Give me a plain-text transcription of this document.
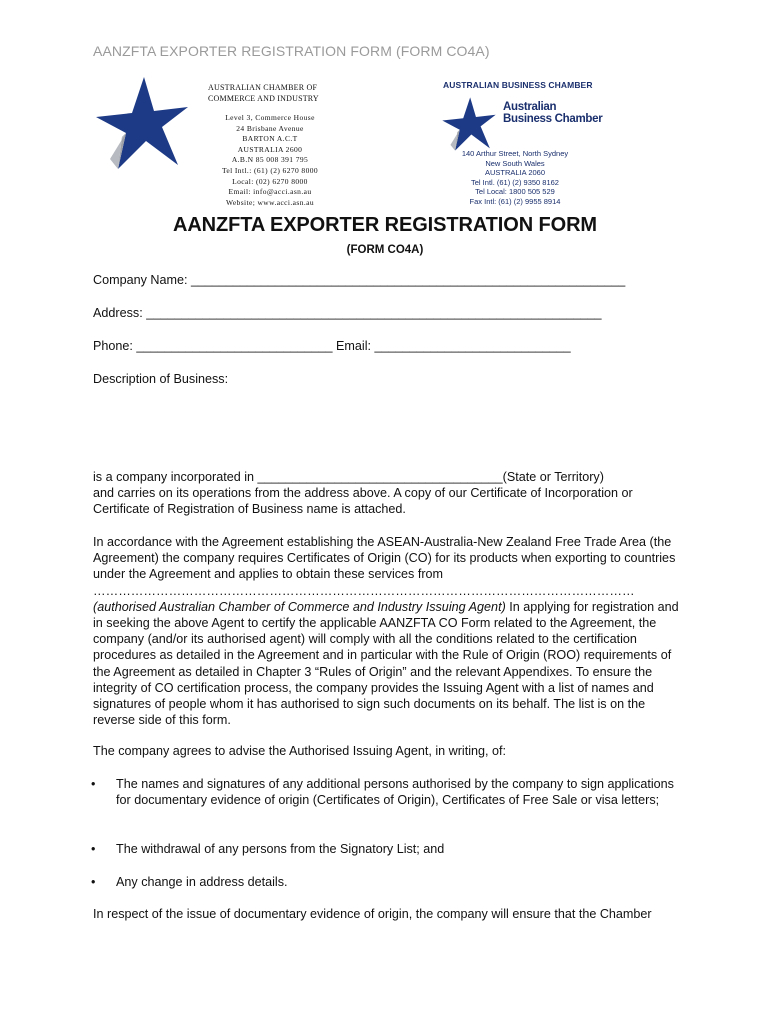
AANZFTA EXPORTER REGISTRATION FORM (FORM CO4A)
AUSTRALIAN CHAMBER OF
COMMERCE AND INDUSTRY
Level 3, Commerce House
24 Brisbane Avenue
BARTON A.C.T
AUSTRALIA 2600
A.B.N 85 008 391 795
Tel Intl.: (61) (2) 6270 8000
Local: (02) 6270 8000
Email: info@acci.asn.au
Website; www.acci.asn.au
AUSTRALIAN BUSINESS CHAMBER
Australian
Business Chamber
140 Arthur Street, North Sydney
New South Wales
AUSTRALIA 2060
Tel Intl. (61) (2) 9350 8162
Tel Local: 1800 505 529
Fax Intl: (61) (2) 9955 8914
AANZFTA EXPORTER REGISTRATION FORM
(FORM CO4A)
Company Name: ______________________________________________________________
Address: _________________________________________________________________
Phone: ____________________________ Email: ____________________________
Description of Business:
is a company incorporated in ___________________________________(State or Territory)
and carries on its operations from the address above. A copy of our Certificate of Incorporation or Certificate of Registration of Business name is attached.
In accordance with the Agreement establishing the ASEAN-Australia-New Zealand Free Trade Area (the Agreement) the company requires Certificates of Origin (CO) for its products when exporting to countries under the Agreement and applies to obtain these services from
…………………………………………………………………………………………………………………
(authorised Australian Chamber of Commerce and Industry Issuing Agent) In applying for registration and in seeking the above Agent to certify the applicable AANZFTA CO Form related to the Agreement, the company (and/or its authorised agent) will comply with all the conditions related to the certification procedures as detailed in the Agreement and in particular with the Rule of Origin (ROO) requirements of the Agreement as detailed in Chapter 3 “Rules of Origin” and the relevant Appendixes. To ensure the integrity of CO certification process, the company provides the Issuing Agent with a list of names and signatures of people whom it has authorised to sign such documents on its behalf. The list is on the reverse side of this form.
The company agrees to advise the Authorised Issuing Agent, in writing, of:
• The names and signatures of any additional persons authorised by the company to sign applications for documentary evidence of origin (Certificates of Origin), Certificates of Free Sale or visa letters;
• The withdrawal of any persons from the Signatory List; and
• Any change in address details.
In respect of the issue of documentary evidence of origin, the company will ensure that the Chamber
